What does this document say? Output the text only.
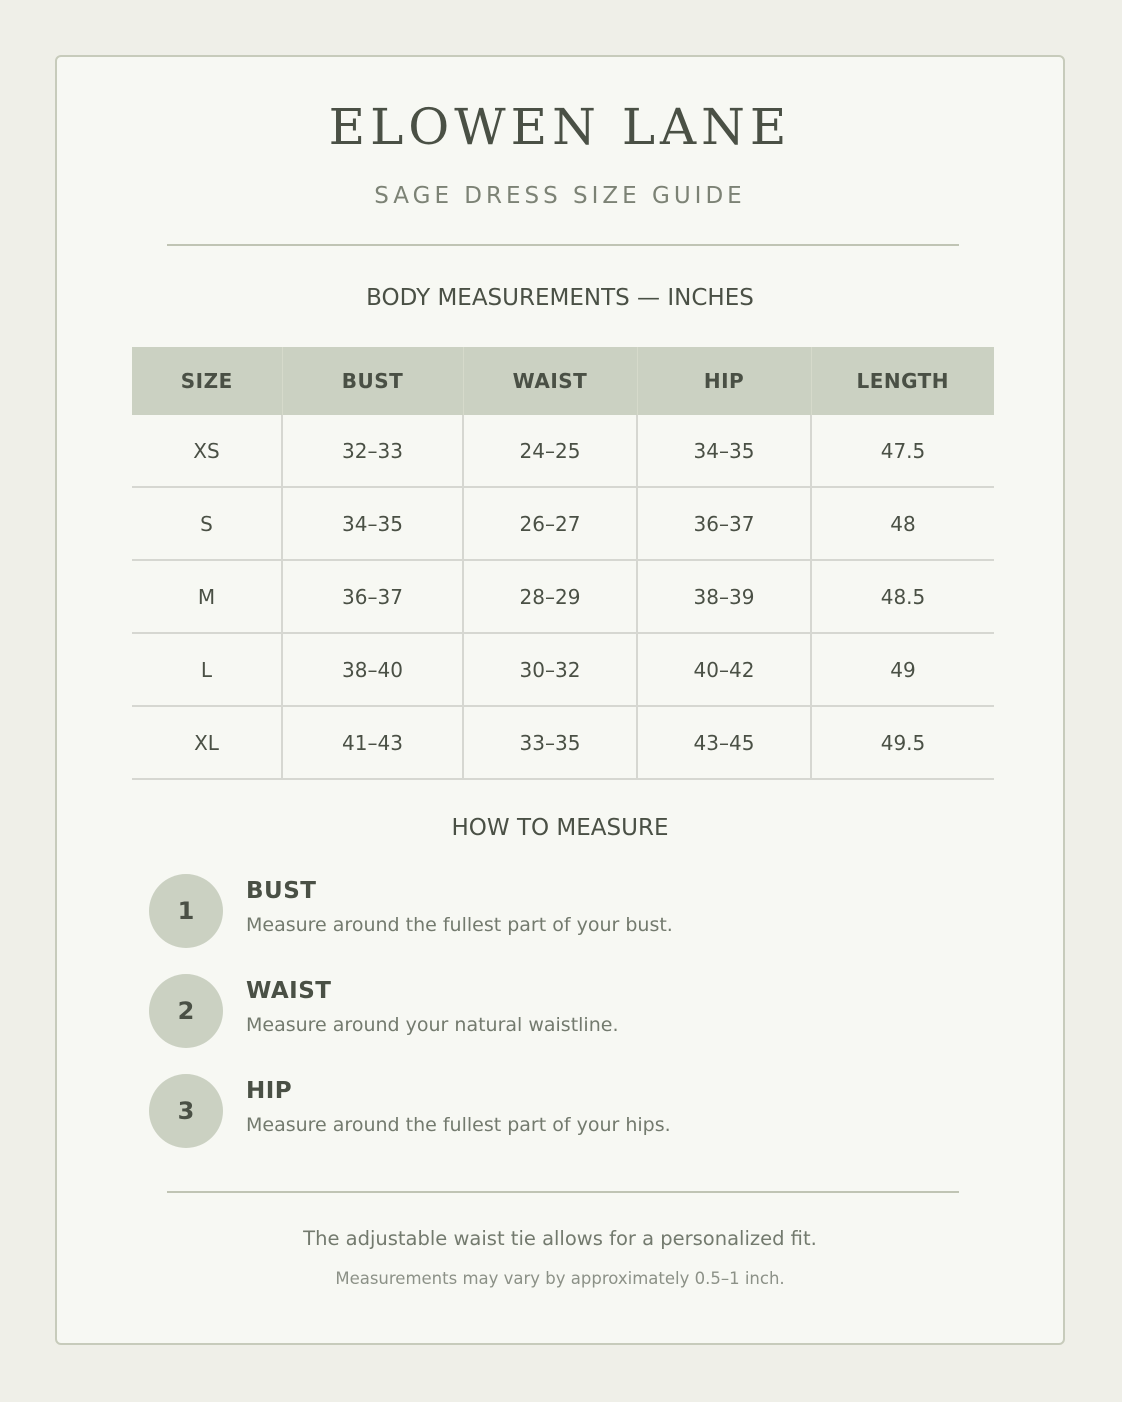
ELOWEN LANE
SAGE DRESS SIZE GUIDE
BODY MEASUREMENTS — INCHES
SIZE	BUST	WAIST	HIP	LENGTH
XS	32–33	24–25	34–35	47.5
S	34–35	26–27	36–37	48
M	36–37	28–29	38–39	48.5
L	38–40	30–32	40–42	49
XL	41–43	33–35	43–45	49.5
HOW TO MEASURE
1
BUST
Measure around the fullest part of your bust.
2
WAIST
Measure around your natural waistline.
3
HIP
Measure around the fullest part of your hips.
The adjustable waist tie allows for a personalized fit.
Measurements may vary by approximately 0.5–1 inch.
